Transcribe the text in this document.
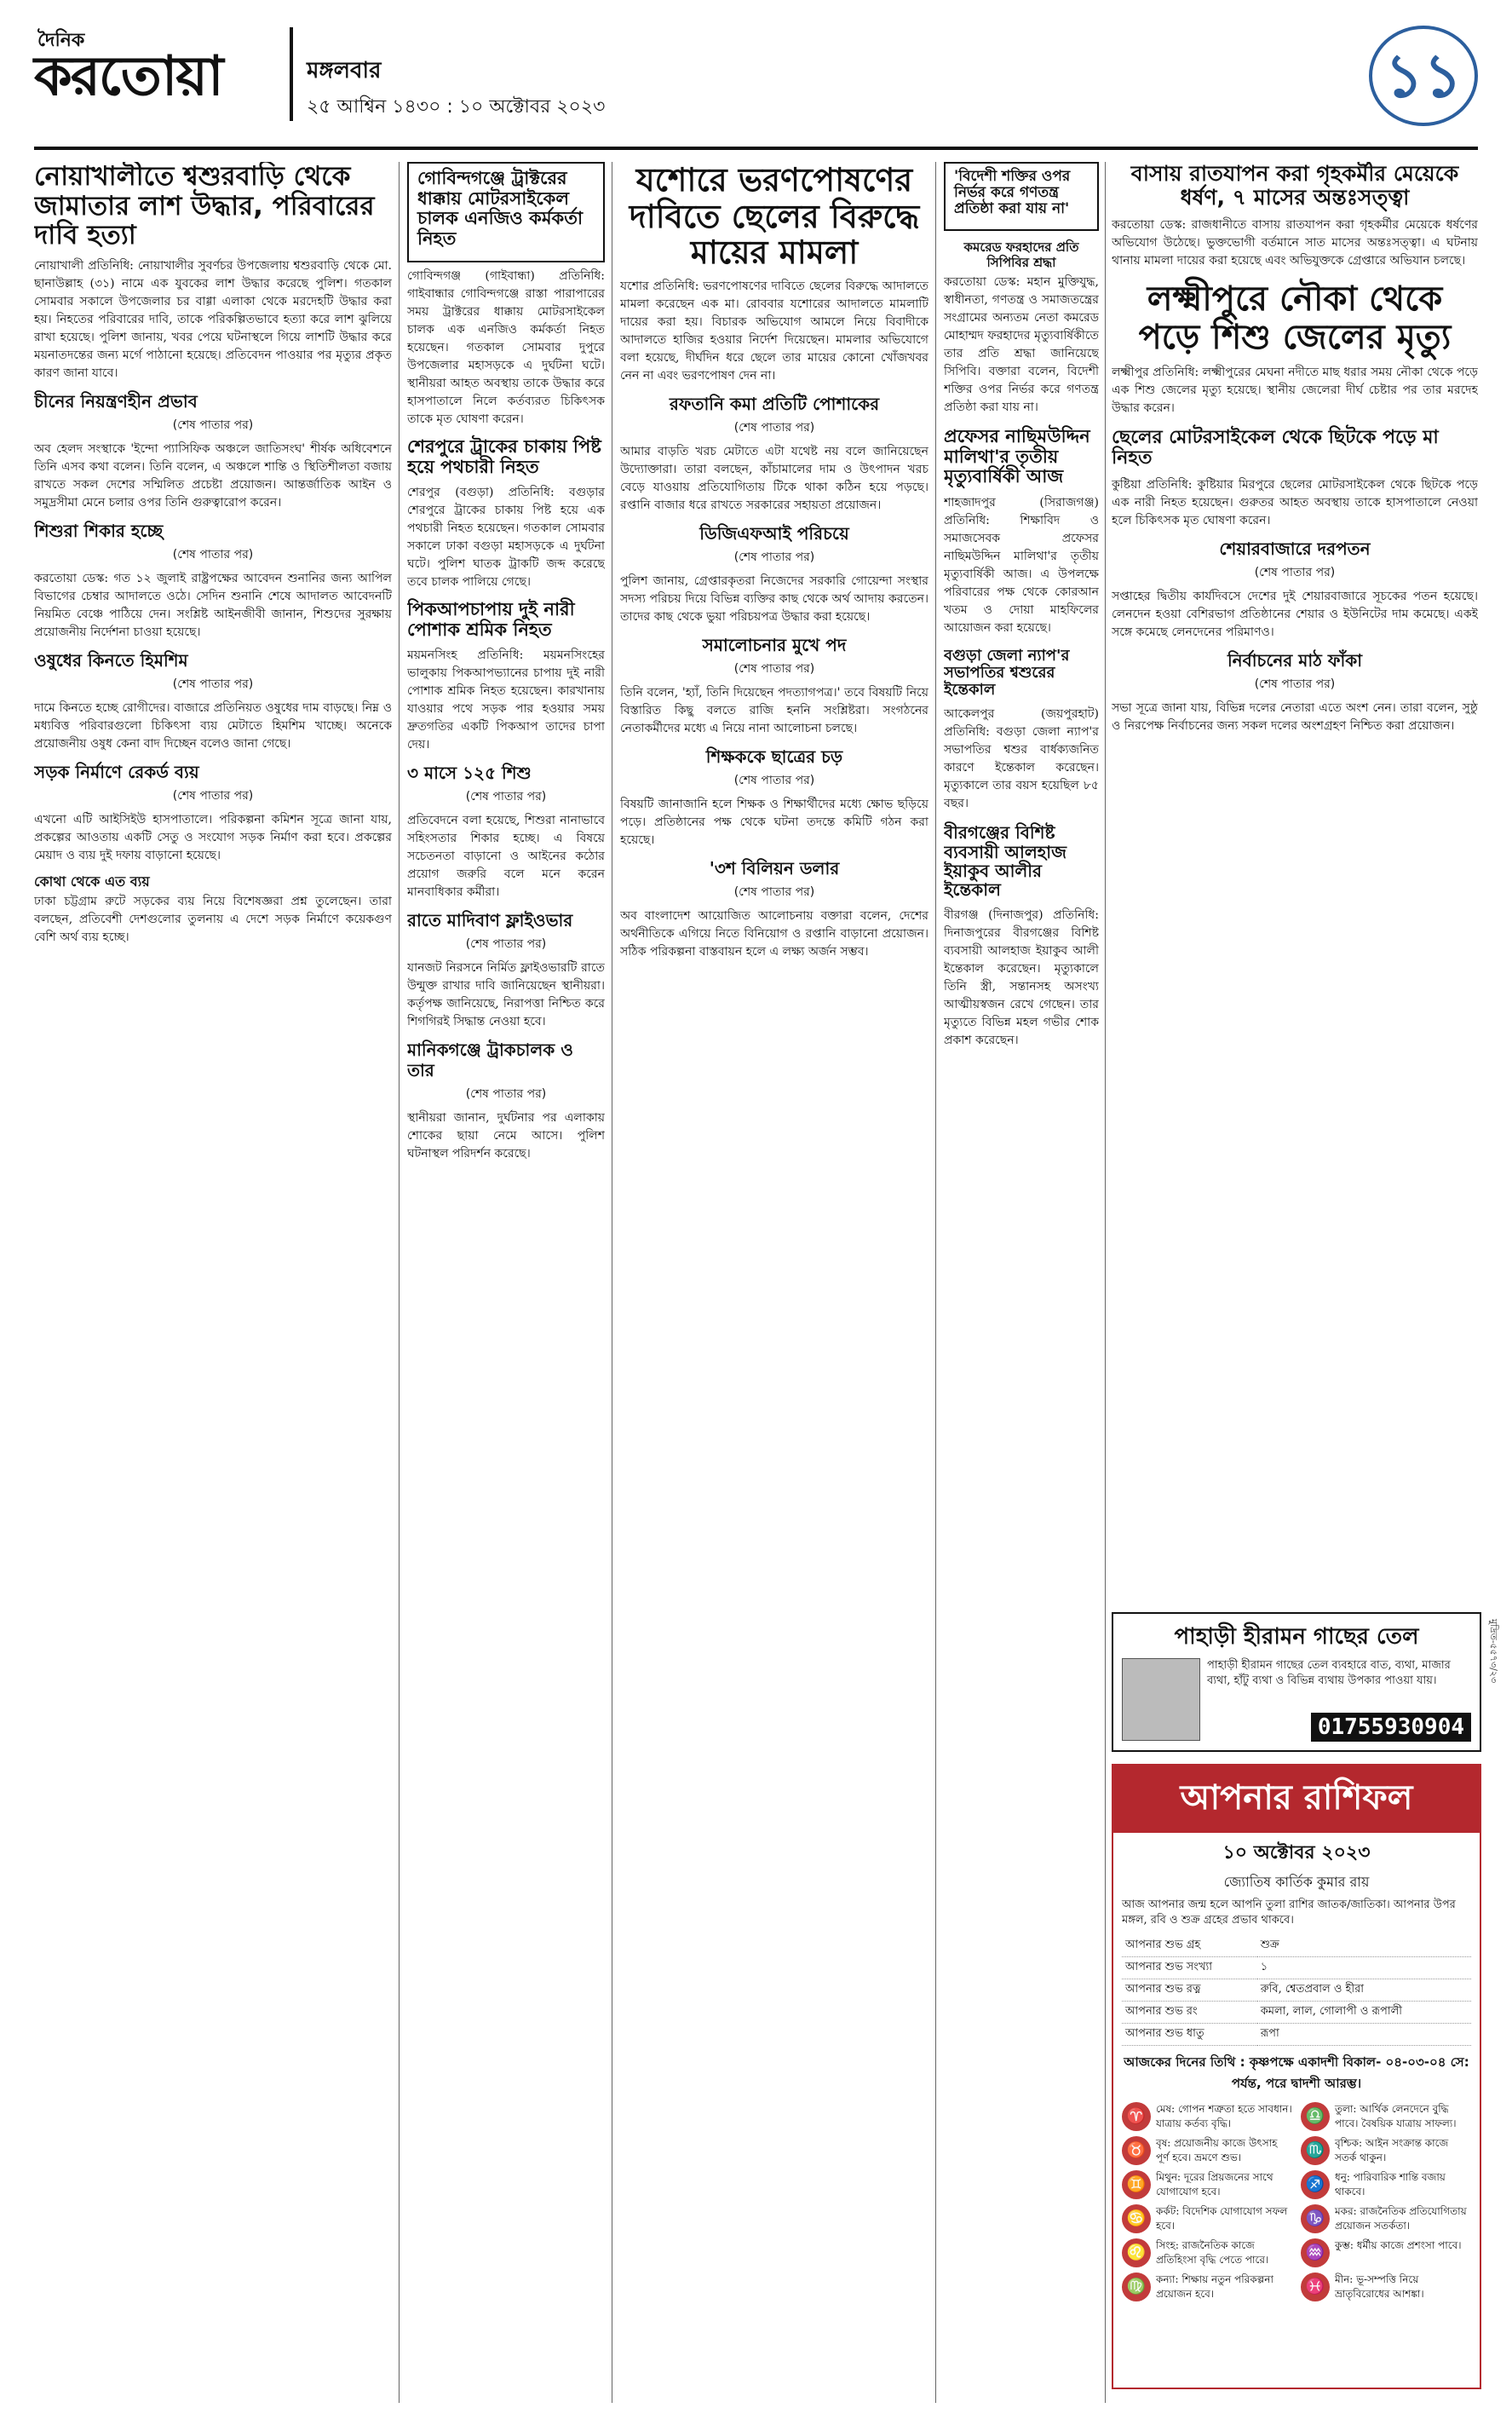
দৈনিক
করতোয়া	মঙ্গলবার
২৫ আশ্বিন ১৪৩০ : ১০ অক্টোবর ২০২৩	১১
নোয়াখালীতে শ্বশুরবাড়ি থেকে জামাতার লাশ উদ্ধার, পরিবারের দাবি হত্যা

নোয়াখালী প্রতিনিধি: নোয়াখালীর সুবর্ণচর উপজেলায় শ্বশুরবাড়ি থেকে মো. ছানাউল্লাহ (৩১) নামে এক যুবকের লাশ উদ্ধার করেছে পুলিশ। গতকাল সোমবার সকালে উপজেলার চর বাগ্গা এলাকা থেকে মরদেহটি উদ্ধার করা হয়। নিহতের পরিবারের দাবি, তাকে পরিকল্পিতভাবে হত্যা করে লাশ ঝুলিয়ে রাখা হয়েছে। পুলিশ জানায়, খবর পেয়ে ঘটনাস্থলে গিয়ে লাশটি উদ্ধার করে ময়নাতদন্তের জন্য মর্গে পাঠানো হয়েছে। প্রতিবেদন পাওয়ার পর মৃত্যুর প্রকৃত কারণ জানা যাবে।

চীনের নিয়ন্ত্রণহীন প্রভাব
(শেষ পাতার পর)

অব হেলদ সংস্থাকে 'ইন্দো প্যাসিফিক অঞ্চলে জাতিসংঘ' শীর্ষক অধিবেশনে তিনি এসব কথা বলেন। তিনি বলেন, এ অঞ্চলে শান্তি ও স্থিতিশীলতা বজায় রাখতে সকল দেশের সম্মিলিত প্রচেষ্টা প্রয়োজন। আন্তর্জাতিক আইন ও সমুদ্রসীমা মেনে চলার ওপর তিনি গুরুত্বারোপ করেন।

শিশুরা শিকার হচ্ছে
(শেষ পাতার পর)

করতোয়া ডেস্ক: গত ১২ জুলাই রাষ্ট্রপক্ষের আবেদন শুনানির জন্য আপিল বিভাগের চেম্বার আদালতে ওঠে। সেদিন শুনানি শেষে আদালত আবেদনটি নিয়মিত বেঞ্চে পাঠিয়ে দেন। সংশ্লিষ্ট আইনজীবী জানান, শিশুদের সুরক্ষায় প্রয়োজনীয় নির্দেশনা চাওয়া হয়েছে।

ওষুধের কিনতে হিমশিম
(শেষ পাতার পর)

দামে কিনতে হচ্ছে রোগীদের। বাজারে প্রতিনিয়ত ওষুধের দাম বাড়ছে। নিম্ন ও মধ্যবিত্ত পরিবারগুলো চিকিৎসা ব্যয় মেটাতে হিমশিম খাচ্ছে। অনেকে প্রয়োজনীয় ওষুধ কেনা বাদ দিচ্ছেন বলেও জানা গেছে।

সড়ক নির্মাণে রেকর্ড ব্যয়
(শেষ পাতার পর)

এখনো এটি আইসিইউ হাসপাতালে। পরিকল্পনা কমিশন সূত্রে জানা যায়, প্রকল্পের আওতায় একটি সেতু ও সংযোগ সড়ক নির্মাণ করা হবে। প্রকল্পের মেয়াদ ও ব্যয় দুই দফায় বাড়ানো হয়েছে।

কোথা থেকে এত ব্যয়

ঢাকা চট্টগ্রাম রুটে সড়কের ব্যয় নিয়ে বিশেষজ্ঞরা প্রশ্ন তুলেছেন। তারা বলছেন, প্রতিবেশী দেশগুলোর তুলনায় এ দেশে সড়ক নির্মাণে কয়েকগুণ বেশি অর্থ ব্যয় হচ্ছে।

গোবিন্দগঞ্জে ট্রাক্টরের ধাক্কায় মোটরসাইকেল চালক এনজিও কর্মকর্তা নিহত

গোবিন্দগঞ্জ (গাইবান্ধা) প্রতিনিধি: গাইবান্ধার গোবিন্দগঞ্জে রাস্তা পারাপারের সময় ট্রাক্টরের ধাক্কায় মোটরসাইকেল চালক এক এনজিও কর্মকর্তা নিহত হয়েছেন। গতকাল সোমবার দুপুরে উপজেলার মহাসড়কে এ দুর্ঘটনা ঘটে। স্থানীয়রা আহত অবস্থায় তাকে উদ্ধার করে হাসপাতালে নিলে কর্তব্যরত চিকিৎসক তাকে মৃত ঘোষণা করেন।

শেরপুরে ট্রাকের চাকায় পিষ্ট হয়ে পথচারী নিহত

শেরপুর (বগুড়া) প্রতিনিধি: বগুড়ার শেরপুরে ট্রাকের চাকায় পিষ্ট হয়ে এক পথচারী নিহত হয়েছেন। গতকাল সোমবার সকালে ঢাকা বগুড়া মহাসড়কে এ দুর্ঘটনা ঘটে। পুলিশ ঘাতক ট্রাকটি জব্দ করেছে তবে চালক পালিয়ে গেছে।

পিকআপচাপায় দুই নারী পোশাক শ্রমিক নিহত

ময়মনসিংহ প্রতিনিধি: ময়মনসিংহের ভালুকায় পিকআপভ্যানের চাপায় দুই নারী পোশাক শ্রমিক নিহত হয়েছেন। কারখানায় যাওয়ার পথে সড়ক পার হওয়ার সময় দ্রুতগতির একটি পিকআপ তাদের চাপা দেয়।

৩ মাসে ১২৫ শিশু
(শেষ পাতার পর)

প্রতিবেদনে বলা হয়েছে, শিশুরা নানাভাবে সহিংসতার শিকার হচ্ছে। এ বিষয়ে সচেতনতা বাড়ানো ও আইনের কঠোর প্রয়োগ জরুরি বলে মনে করেন মানবাধিকার কর্মীরা।

রাতে মাদিবাণ ফ্লাইওভার
(শেষ পাতার পর)

যানজট নিরসনে নির্মিত ফ্লাইওভারটি রাতে উন্মুক্ত রাখার দাবি জানিয়েছেন স্থানীয়রা। কর্তৃপক্ষ জানিয়েছে, নিরাপত্তা নিশ্চিত করে শিগগিরই সিদ্ধান্ত নেওয়া হবে।

মানিকগঞ্জে ট্রাকচালক ও তার
(শেষ পাতার পর)

স্থানীয়রা জানান, দুর্ঘটনার পর এলাকায় শোকের ছায়া নেমে আসে। পুলিশ ঘটনাস্থল পরিদর্শন করেছে।

যশোরে ভরণপোষণের দাবিতে ছেলের বিরুদ্ধে মায়ের মামলা

যশোর প্রতিনিধি: ভরণপোষণের দাবিতে ছেলের বিরুদ্ধে আদালতে মামলা করেছেন এক মা। রোববার যশোরের আদালতে মামলাটি দায়ের করা হয়। বিচারক অভিযোগ আমলে নিয়ে বিবাদীকে আদালতে হাজির হওয়ার নির্দেশ দিয়েছেন। মামলার অভিযোগে বলা হয়েছে, দীর্ঘদিন ধরে ছেলে তার মায়ের কোনো খোঁজখবর নেন না এবং ভরণপোষণ দেন না।

রফতানি কমা প্রতিটি পোশাকের
(শেষ পাতার পর)

আমার বাড়তি খরচ মেটাতে এটা যথেষ্ট নয় বলে জানিয়েছেন উদ্যোক্তারা। তারা বলছেন, কাঁচামালের দাম ও উৎপাদন খরচ বেড়ে যাওয়ায় প্রতিযোগিতায় টিকে থাকা কঠিন হয়ে পড়ছে। রপ্তানি বাজার ধরে রাখতে সরকারের সহায়তা প্রয়োজন।

ডিজিএফআই পরিচয়ে
(শেষ পাতার পর)

পুলিশ জানায়, গ্রেপ্তারকৃতরা নিজেদের সরকারি গোয়েন্দা সংস্থার সদস্য পরিচয় দিয়ে বিভিন্ন ব্যক্তির কাছ থেকে অর্থ আদায় করতেন। তাদের কাছ থেকে ভুয়া পরিচয়পত্র উদ্ধার করা হয়েছে।

সমালোচনার মুখে পদ
(শেষ পাতার পর)

তিনি বলেন, 'হ্যাঁ, তিনি দিয়েছেন পদত্যাগপত্র।' তবে বিষয়টি নিয়ে বিস্তারিত কিছু বলতে রাজি হননি সংশ্লিষ্টরা। সংগঠনের নেতাকর্মীদের মধ্যে এ নিয়ে নানা আলোচনা চলছে।

শিক্ষককে ছাত্রের চড়
(শেষ পাতার পর)

বিষয়টি জানাজানি হলে শিক্ষক ও শিক্ষার্থীদের মধ্যে ক্ষোভ ছড়িয়ে পড়ে। প্রতিষ্ঠানের পক্ষ থেকে ঘটনা তদন্তে কমিটি গঠন করা হয়েছে।

'৩শ বিলিয়ন ডলার
(শেষ পাতার পর)

অব বাংলাদেশ আয়োজিত আলোচনায় বক্তারা বলেন, দেশের অর্থনীতিকে এগিয়ে নিতে বিনিয়োগ ও রপ্তানি বাড়ানো প্রয়োজন। সঠিক পরিকল্পনা বাস্তবায়ন হলে এ লক্ষ্য অর্জন সম্ভব।

'বিদেশী শক্তির ওপর নির্ভর করে গণতন্ত্র প্রতিষ্ঠা করা যায় না'
কমরেড ফরহাদের প্রতি সিপিবির শ্রদ্ধা

করতোয়া ডেস্ক: মহান মুক্তিযুদ্ধ, স্বাধীনতা, গণতন্ত্র ও সমাজতন্ত্রের সংগ্রামের অন্যতম নেতা কমরেড মোহাম্মদ ফরহাদের মৃত্যুবার্ষিকীতে তার প্রতি শ্রদ্ধা জানিয়েছে সিপিবি। বক্তারা বলেন, বিদেশী শক্তির ওপর নির্ভর করে গণতন্ত্র প্রতিষ্ঠা করা যায় না।

প্রফেসর নাছিমউদ্দিন মালিথা'র তৃতীয় মৃত্যুবার্ষিকী আজ

শাহজাদপুর (সিরাজগঞ্জ) প্রতিনিধি: শিক্ষাবিদ ও সমাজসেবক প্রফেসর নাছিমউদ্দিন মালিথা'র তৃতীয় মৃত্যুবার্ষিকী আজ। এ উপলক্ষে পরিবারের পক্ষ থেকে কোরআন খতম ও দোয়া মাহফিলের আয়োজন করা হয়েছে।

বগুড়া জেলা ন্যাপ'র সভাপতির শ্বশুরের ইন্তেকাল

আকেলপুর (জয়পুরহাট) প্রতিনিধি: বগুড়া জেলা ন্যাপ'র সভাপতির শ্বশুর বার্ধক্যজনিত কারণে ইন্তেকাল করেছেন। মৃত্যুকালে তার বয়স হয়েছিল ৮৫ বছর।

বীরগঞ্জের বিশিষ্ট ব্যবসায়ী আলহাজ ইয়াকুব আলীর ইন্তেকাল

বীরগঞ্জ (দিনাজপুর) প্রতিনিধি: দিনাজপুরের বীরগঞ্জের বিশিষ্ট ব্যবসায়ী আলহাজ ইয়াকুব আলী ইন্তেকাল করেছেন। মৃত্যুকালে তিনি স্ত্রী, সন্তানসহ অসংখ্য আত্মীয়স্বজন রেখে গেছেন। তার মৃত্যুতে বিভিন্ন মহল গভীর শোক প্রকাশ করেছেন।

বাসায় রাতযাপন করা গৃহকর্মীর মেয়েকে ধর্ষণ, ৭ মাসের অন্তঃসত্ত্বা

করতোয়া ডেস্ক: রাজধানীতে বাসায় রাতযাপন করা গৃহকর্মীর মেয়েকে ধর্ষণের অভিযোগ উঠেছে। ভুক্তভোগী বর্তমানে সাত মাসের অন্তঃসত্ত্বা। এ ঘটনায় থানায় মামলা দায়ের করা হয়েছে এবং অভিযুক্তকে গ্রেপ্তারে অভিযান চলছে।

লক্ষ্মীপুরে নৌকা থেকে পড়ে শিশু জেলের মৃত্যু

লক্ষ্মীপুর প্রতিনিধি: লক্ষ্মীপুরের মেঘনা নদীতে মাছ ধরার সময় নৌকা থেকে পড়ে এক শিশু জেলের মৃত্যু হয়েছে। স্থানীয় জেলেরা দীর্ঘ চেষ্টার পর তার মরদেহ উদ্ধার করেন।

ছেলের মোটরসাইকেল থেকে ছিটকে পড়ে মা নিহত

কুষ্টিয়া প্রতিনিধি: কুষ্টিয়ার মিরপুরে ছেলের মোটরসাইকেল থেকে ছিটকে পড়ে এক নারী নিহত হয়েছেন। গুরুতর আহত অবস্থায় তাকে হাসপাতালে নেওয়া হলে চিকিৎসক মৃত ঘোষণা করেন।

শেয়ারবাজারে দরপতন
(শেষ পাতার পর)

সপ্তাহের দ্বিতীয় কার্যদিবসে দেশের দুই শেয়ারবাজারে সূচকের পতন হয়েছে। লেনদেন হওয়া বেশিরভাগ প্রতিষ্ঠানের শেয়ার ও ইউনিটের দাম কমেছে। একই সঙ্গে কমেছে লেনদেনের পরিমাণও।

নির্বাচনের মাঠ ফাঁকা
(শেষ পাতার পর)

সভা সূত্রে জানা যায়, বিভিন্ন দলের নেতারা এতে অংশ নেন। তারা বলেন, সুষ্ঠু ও নিরপেক্ষ নির্বাচনের জন্য সকল দলের অংশগ্রহণ নিশ্চিত করা প্রয়োজন।

পাহাড়ী হীরামন গাছের তেল
পাহাড়ী হীরামন গাছের তেল ব্যবহারে বাত, ব্যথা, মাজার ব্যথা, হাঁটু ব্যথা ও বিভিন্ন ব্যথায় উপকার পাওয়া যায়।
01755930904
আপনার রাশিফল
১০ অক্টোবর ২০২৩
জ্যোতিষ কার্তিক কুমার রায়
আজ আপনার জন্ম হলে আপনি তুলা রাশির জাতক/জাতিকা। আপনার উপর মঙ্গল, রবি ও শুক্র গ্রহের প্রভাব থাকবে।
আপনার শুভ গ্রহ	শুক্র
আপনার শুভ সংখ্যা	১
আপনার শুভ রত্ন	রুবি, শ্বেতপ্রবাল ও হীরা
আপনার শুভ রং	কমলা, লাল, গোলাপী ও রূপালী
আপনার শুভ ধাতু	রূপা
আজকের দিনের তিথি : কৃষ্ণপক্ষে একাদশী বিকাল- ০৪-০৩-০৪ সে: পর্যন্ত, পরে দ্বাদশী আরম্ভ।
♈ মেষ: গোপন শত্রুতা হতে সাবধান। যাত্রায় কর্তব্য বৃদ্ধি।	♎ তুলা: আর্থিক লেনদেনে বুদ্ধি পাবে। বৈষয়িক যাত্রায় সাফল্য।
♉ বৃষ: প্রয়োজনীয় কাজে উৎসাহ পূর্ণ হবে। ভ্রমণে শুভ।	♏ বৃশ্চিক: আইন সংক্রান্ত কাজে সতর্ক থাকুন।
♊ মিথুন: দূরের প্রিয়জনের সাথে যোগাযোগ হবে।	♐ ধনু: পারিবারিক শান্তি বজায় থাকবে।
♋ কর্কট: বিদেশিক যোগাযোগ সফল হবে।	♑ মকর: রাজনৈতিক প্রতিযোগিতায় প্রয়োজন সতর্কতা।
♌ সিংহ: রাজনৈতিক কাজে প্রতিহিংসা বৃদ্ধি পেতে পারে।	♒ কুম্ভ: ধর্মীয় কাজে প্রশংসা পাবে।
♍ কন্যা: শিক্ষায় নতুন পরিকল্পনা প্রয়োজন হবে।	♓ মীন: ভূ-সম্পত্তি নিয়ে ভ্রাতৃবিরোধের আশঙ্কা।
মুদ্রিত-৫৫৭৩/২৩
